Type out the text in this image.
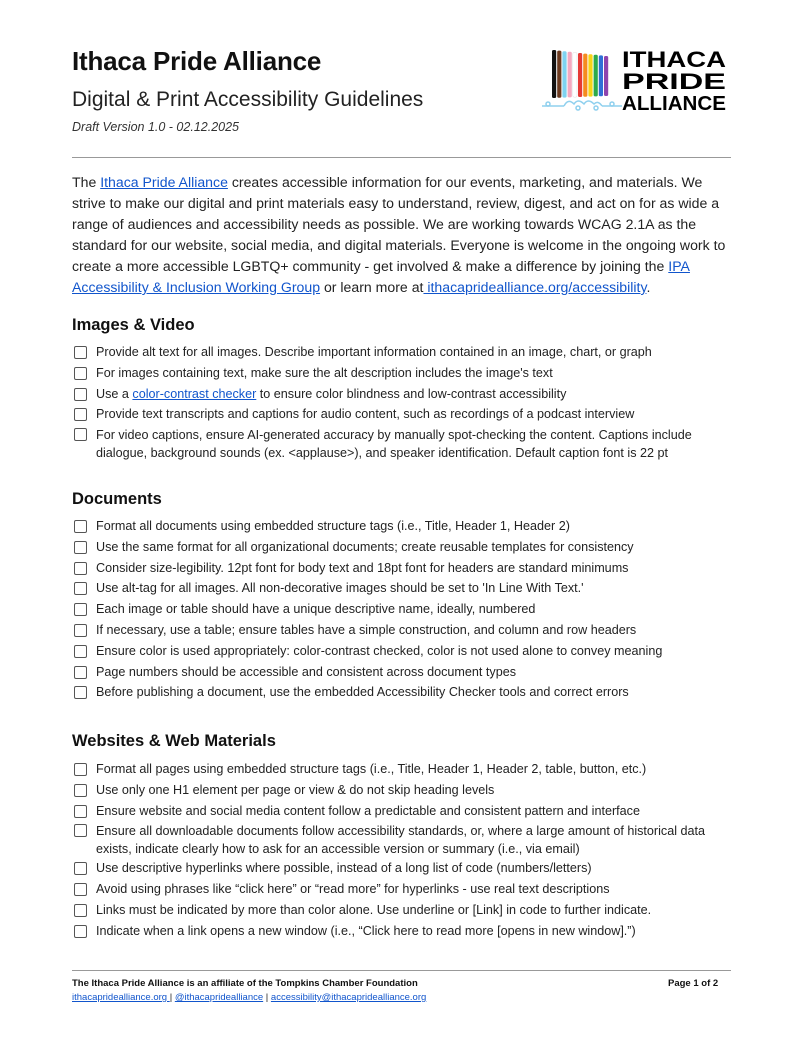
Ithaca Pride Alliance
Digital & Print Accessibility Guidelines
Draft Version 1.0 - 02.12.2025
ITHACA
PRIDE
ALLIANCE
The Ithaca Pride Alliance creates accessible information for our events, marketing, and materials. We strive to make our digital and print materials easy to understand, review, digest, and act on for as wide a range of audiences and accessibility needs as possible. We are working towards WCAG 2.1A as the standard for our website, social media, and digital materials. Everyone is welcome in the ongoing work to create a more accessible LGBTQ+ community - get involved & make a difference by joining the IPA Accessibility & Inclusion Working Group or learn more at ithacapridealliance.org/accessibility.
Images & Video
Provide alt text for all images. Describe important information contained in an image, chart, or graph
For images containing text, make sure the alt description includes the image's text
Use a color-contrast checker to ensure color blindness and low-contrast accessibility
Provide text transcripts and captions for audio content, such as recordings of a podcast interview
For video captions, ensure AI-generated accuracy by manually spot-checking the content. Captions include dialogue, background sounds (ex. <applause>), and speaker identification. Default caption font is 22 pt
Documents
Format all documents using embedded structure tags (i.e., Title, Header 1, Header 2)
Use the same format for all organizational documents; create reusable templates for consistency
Consider size-legibility. 12pt font for body text and 18pt font for headers are standard minimums
Use alt-tag for all images. All non-decorative images should be set to 'In Line With Text.'
Each image or table should have a unique descriptive name, ideally, numbered
If necessary, use a table; ensure tables have a simple construction, and column and row headers
Ensure color is used appropriately: color-contrast checked, color is not used alone to convey meaning
Page numbers should be accessible and consistent across document types
Before publishing a document, use the embedded Accessibility Checker tools and correct errors
Websites & Web Materials
Format all pages using embedded structure tags (i.e., Title, Header 1, Header 2, table, button, etc.)
Use only one H1 element per page or view & do not skip heading levels
Ensure website and social media content follow a predictable and consistent pattern and interface
Ensure all downloadable documents follow accessibility standards, or, where a large amount of historical data exists, indicate clearly how to ask for an accessible version or summary (i.e., via email)
Use descriptive hyperlinks where possible, instead of a long list of code (numbers/letters)
Avoid using phrases like “click here” or “read more” for hyperlinks - use real text descriptions
Links must be indicated by more than color alone. Use underline or [Link] in code to further indicate.
Indicate when a link opens a new window (i.e., “Click here to read more [opens in new window].”)
The Ithaca Pride Alliance is an affiliate of the Tompkins Chamber Foundation	Page 1 of 2
ithacapridealliance.org | @ithacapridealliance | accessibility@ithacapridealliance.org
